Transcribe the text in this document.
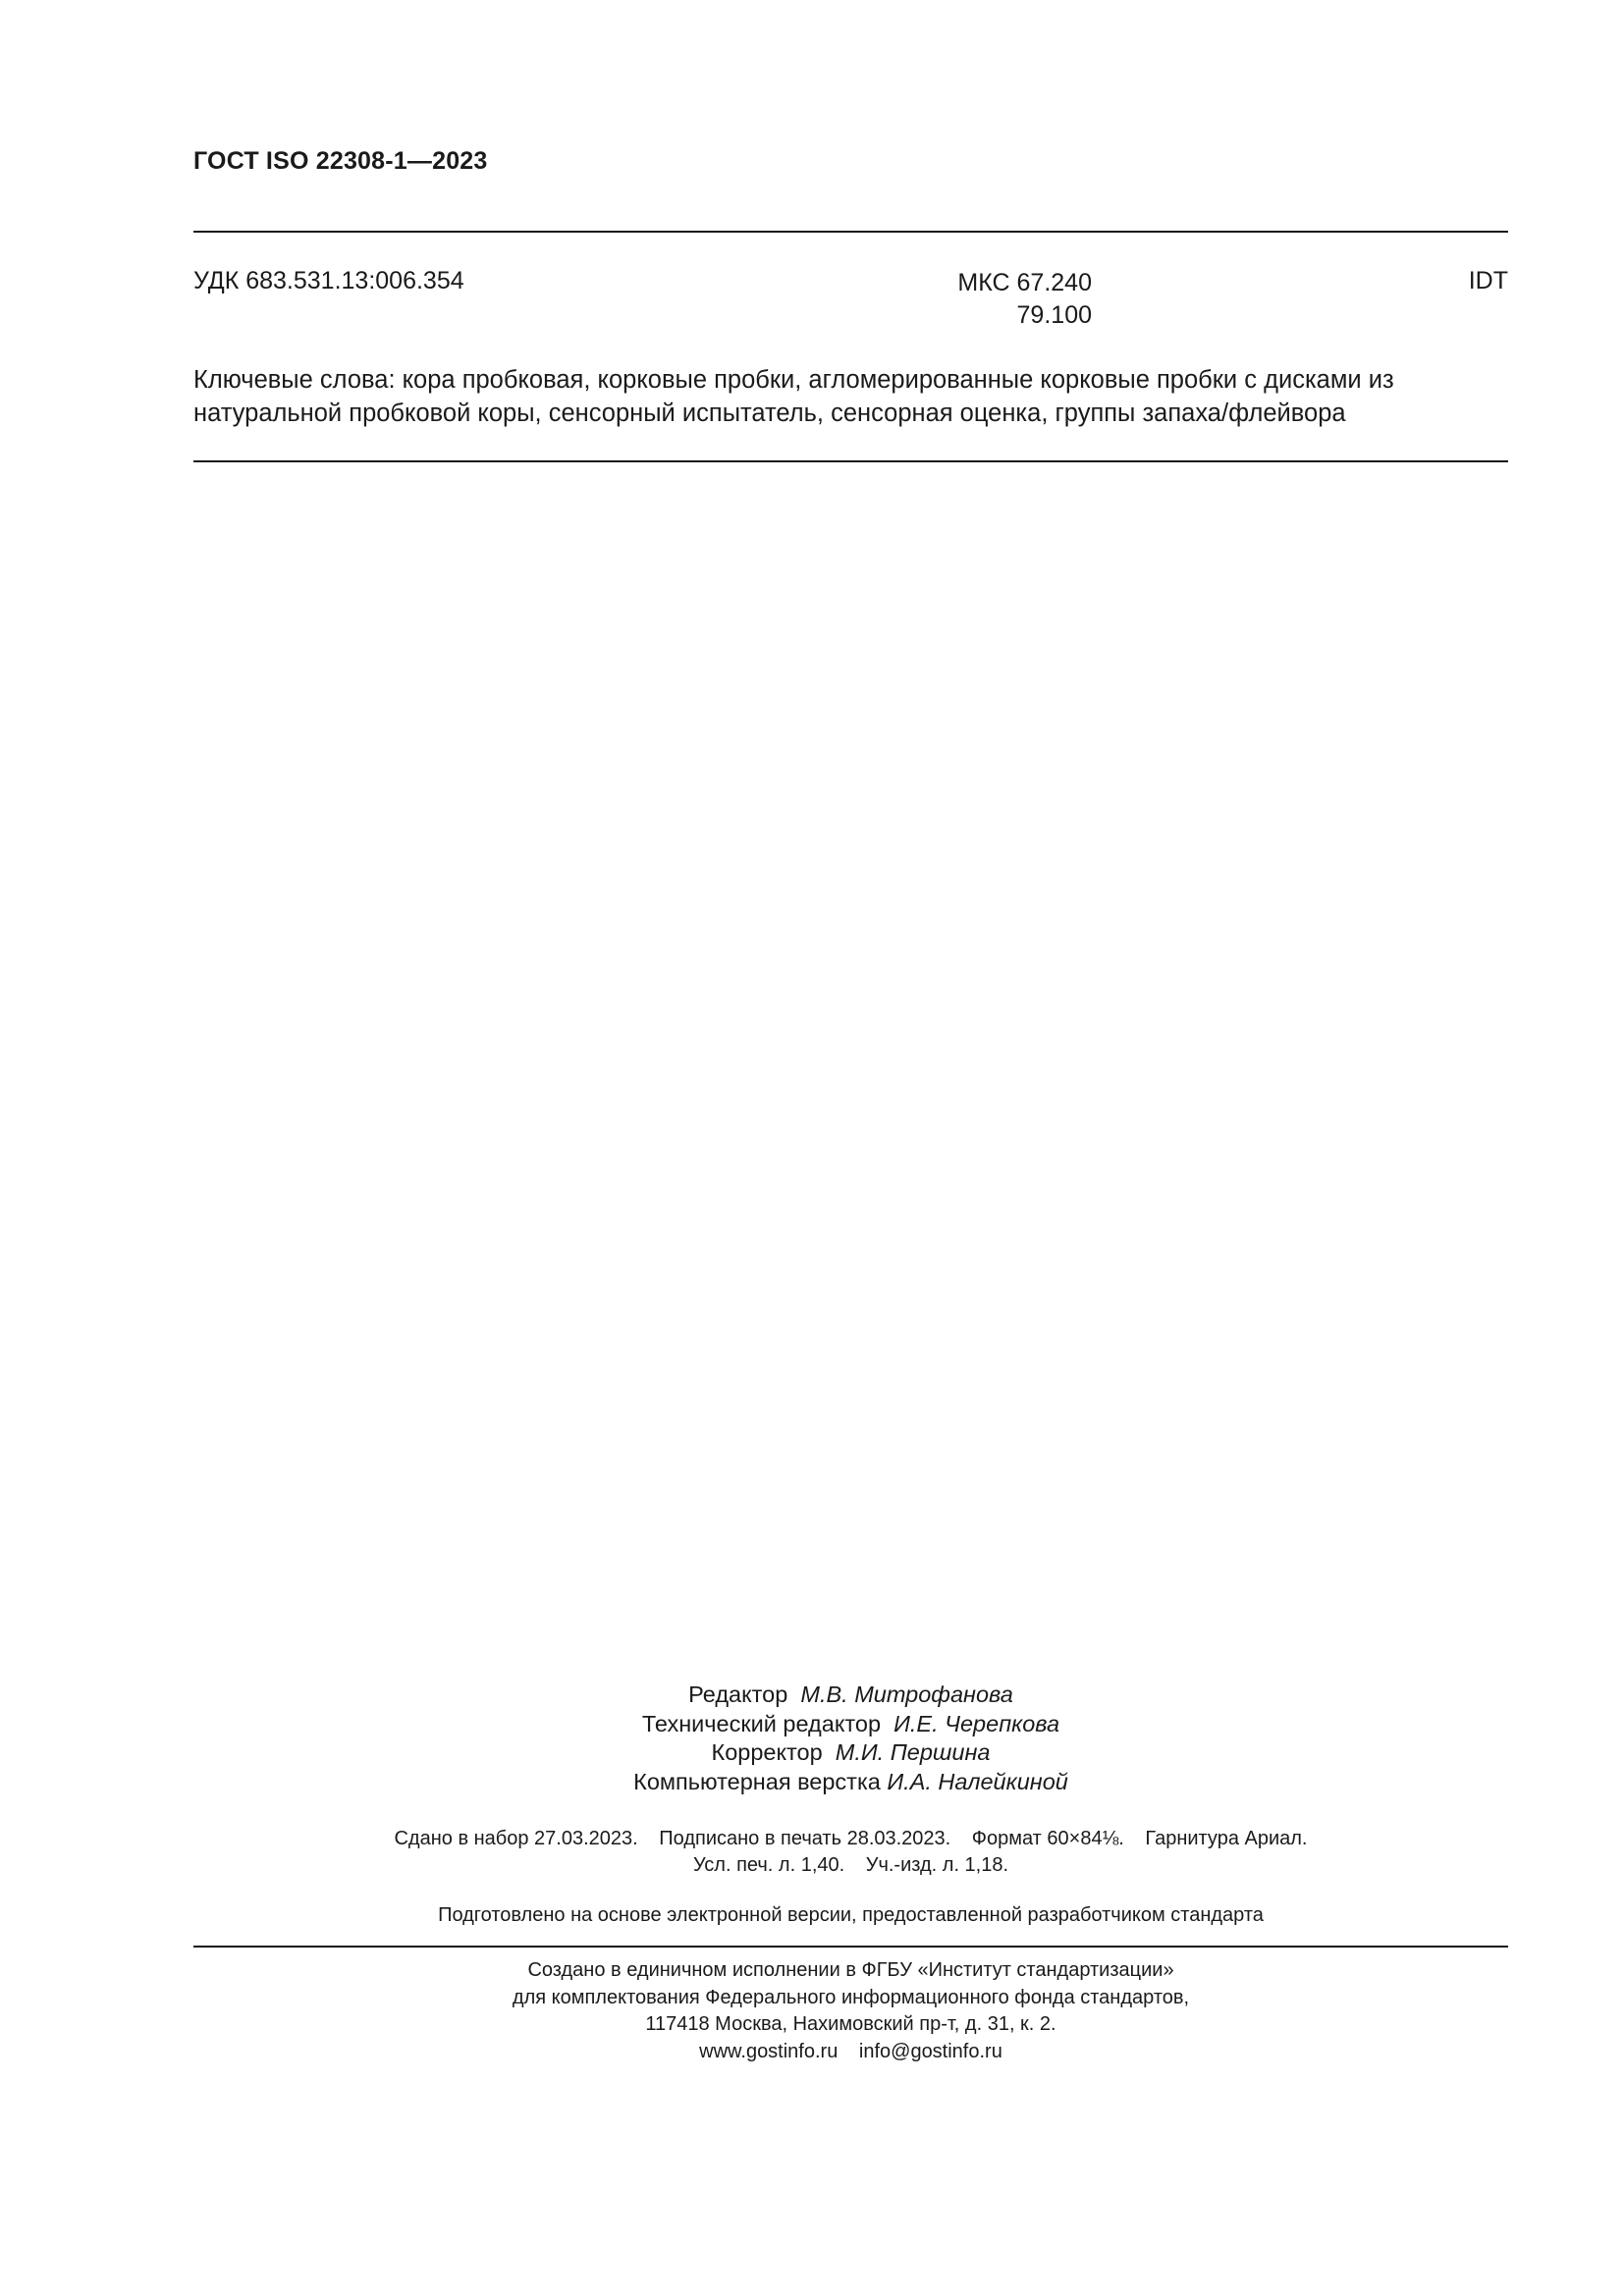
ГОСТ ISO 22308-1—2023
УДК 683.531.13:006.354	МКС 67.240
79.100
IDT
Ключевые слова: кора пробковая, корковые пробки, агломерированные корковые пробки с дисками из натуральной пробковой коры, сенсорный испытатель, сенсорная оценка, группы запаха/флейвора
Редактор М.В. Митрофанова
Технический редактор И.Е. Черепкова
Корректор М.И. Першина
Компьютерная верстка И.А. Налейкиной
Сдано в набор 27.03.2023. Подписано в печать 28.03.2023. Формат 60×84⅛. Гарнитура Ариал.
Усл. печ. л. 1,40. Уч.-изд. л. 1,18.
Подготовлено на основе электронной версии, предоставленной разработчиком стандарта
Создано в единичном исполнении в ФГБУ «Институт стандартизации»
для комплектования Федерального информационного фонда стандартов,
117418 Москва, Нахимовский пр-т, д. 31, к. 2.
www.gostinfo.ru info@gostinfo.ru
